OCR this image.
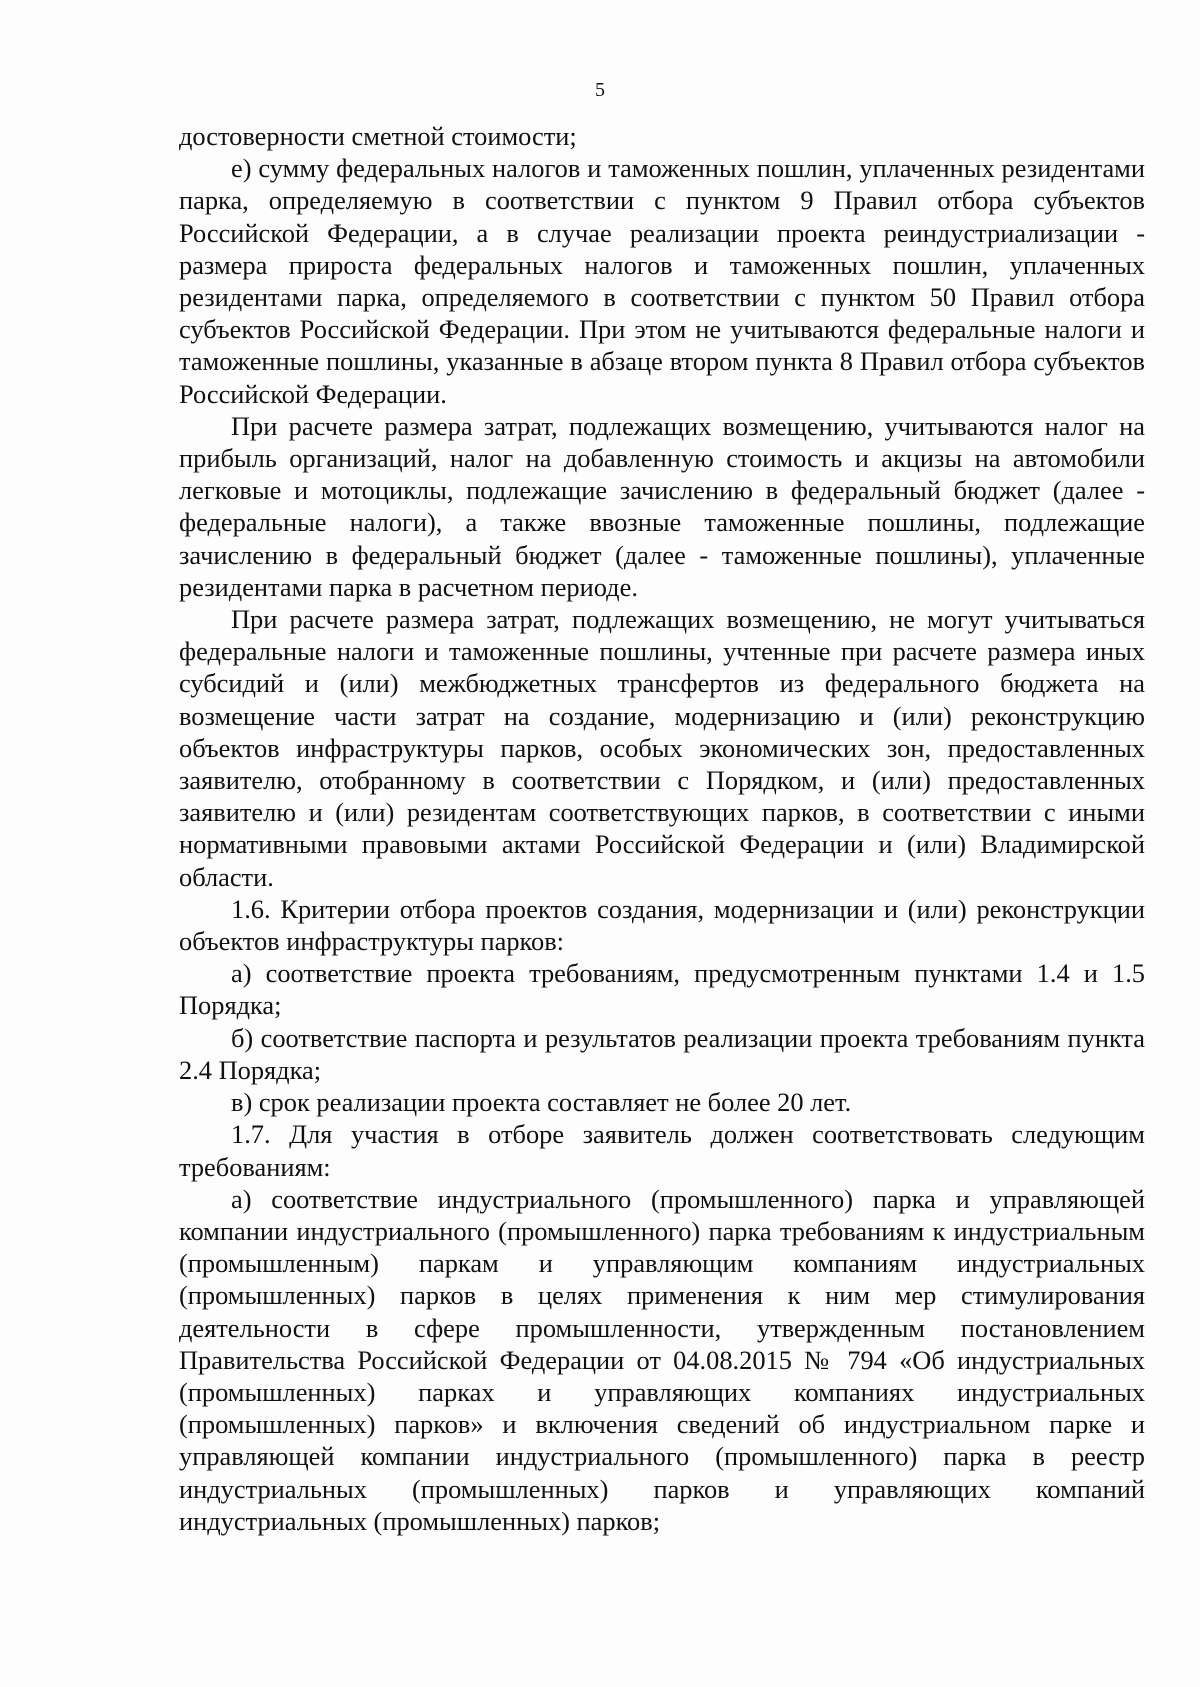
5

достоверности сметной стоимости;

е) сумму федеральных налогов и таможенных пошлин, уплаченных резидентами парка, определяемую в соответствии с пунктом 9 Правил отбора субъектов Российской Федерации, а в случае реализации проекта реиндустриализации - размера прироста федеральных налогов и таможенных пошлин, уплаченных резидентами парка, определяемого в соответствии с пунктом 50 Правил отбора субъектов Российской Федерации. При этом не учитываются федеральные налоги и таможенные пошлины, указанные в абзаце втором пункта 8 Правил отбора субъектов Российской Федерации.

При расчете размера затрат, подлежащих возмещению, учитываются налог на прибыль организаций, налог на добавленную стоимость и акцизы на автомобили легковые и мотоциклы, подлежащие зачислению в федеральный бюджет (далее - федеральные налоги), а также ввозные таможенные пошлины, подлежащие зачислению в федеральный бюджет (далее - таможенные пошлины), уплаченные резидентами парка в расчетном периоде.

При расчете размера затрат, подлежащих возмещению, не могут учитываться федеральные налоги и таможенные пошлины, учтенные при расчете размера иных субсидий и (или) межбюджетных трансфертов из федерального бюджета на возмещение части затрат на создание, модернизацию и (или) реконструкцию объектов инфраструктуры парков, особых экономических зон, предоставленных заявителю, отобранному в соответствии с Порядком, и (или) предоставленных заявителю и (или) резидентам соответствующих парков, в соответствии с иными нормативными правовыми актами Российской Федерации и (или) Владимирской области.

1.6. Критерии отбора проектов создания, модернизации и (или) реконструкции объектов инфраструктуры парков:

а) соответствие проекта требованиям, предусмотренным пунктами 1.4 и 1.5 Порядка;

б) соответствие паспорта и результатов реализации проекта требованиям пункта 2.4 Порядка;

в) срок реализации проекта составляет не более 20 лет.

1.7. Для участия в отборе заявитель должен соответствовать следующим требованиям:

а) соответствие индустриального (промышленного) парка и управляющей компании индустриального (промышленного) парка требованиям к индустриальным (промышленным) паркам и управляющим компаниям индустриальных (промышленных) парков в целях применения к ним мер стимулирования деятельности в сфере промышленности, утвержденным постановлением Правительства Российской Федерации от 04.08.2015 № 794 «Об индустриальных (промышленных) парках и управляющих компаниях индустриальных (промышленных) парков» и включения сведений об индустриальном парке и управляющей компании индустриального (промышленного) парка в реестр индустриальных (промышленных) парков и управляющих компаний индустриальных (промышленных) парков;
